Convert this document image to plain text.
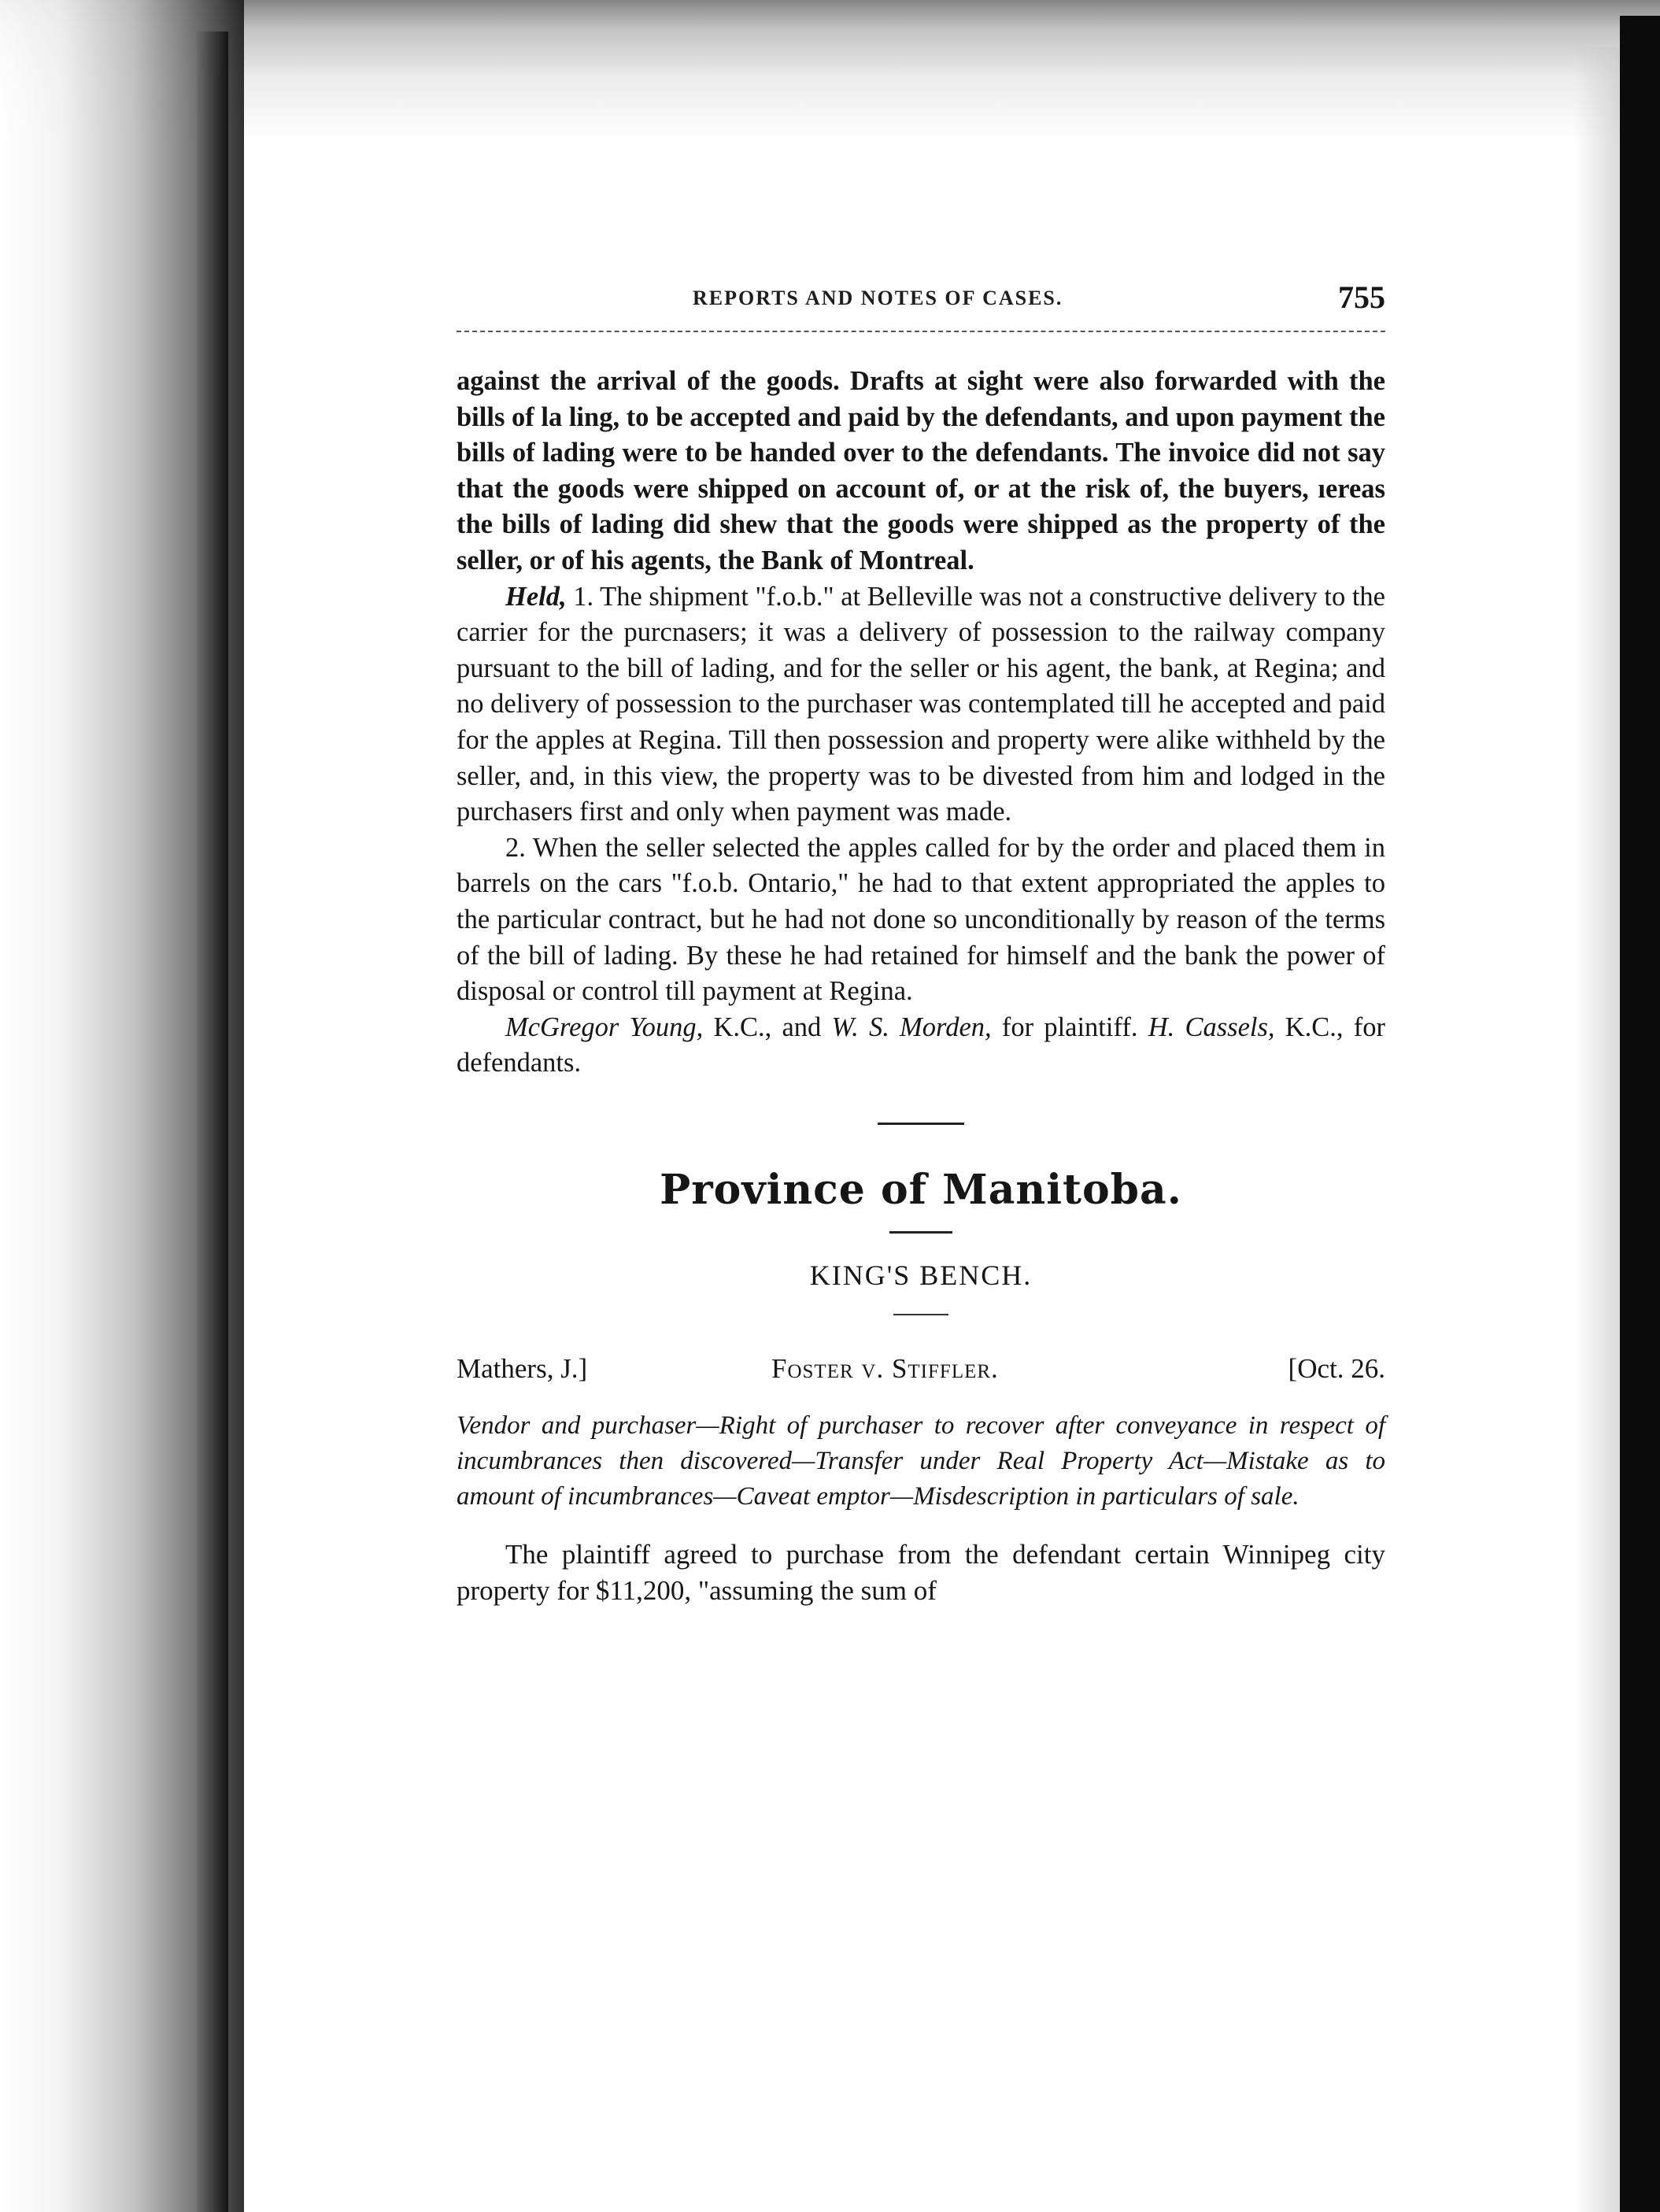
REPORTS AND NOTES OF CASES.	755

against the arrival of the goods. Drafts at sight were also forwarded with the bills of la ling, to be accepted and paid by the defendants, and upon payment the bills of lading were to be handed over to the defendants. The invoice did not say that the goods were shipped on account of, or at the risk of, the buyers, ıereas the bills of lading did shew that the goods were shipped as the property of the seller, or of his agents, the Bank of Montreal.

Held, 1. The shipment "f.o.b." at Belleville was not a constructive delivery to the carrier for the purcnasers; it was a delivery of possession to the railway company pursuant to the bill of lading, and for the seller or his agent, the bank, at Regina; and no delivery of possession to the purchaser was contemplated till he accepted and paid for the apples at Regina. Till then possession and property were alike withheld by the seller, and, in this view, the property was to be divested from him and lodged in the purchasers first and only when payment was made.

2. When the seller selected the apples called for by the order and placed them in barrels on the cars "f.o.b. Ontario," he had to that extent appropriated the apples to the particular contract, but he had not done so unconditionally by reason of the terms of the bill of lading. By these he had retained for himself and the bank the power of disposal or control till payment at Regina.

McGregor Young, K.C., and W. S. Morden, for plaintiff. H. Cassels, K.C., for defendants.

Province of Manitoba.
KING'S BENCH.
Mathers, J.]	Foster v. Stiffler.	[Oct. 26.

Vendor and purchaser—Right of purchaser to recover after conveyance in respect of incumbrances then discovered—Transfer under Real Property Act—Mistake as to amount of incumbrances—Caveat emptor—Misdescription in particulars of sale.

The plaintiff agreed to purchase from the defendant certain Winnipeg city property for $11,200, "assuming the sum of
